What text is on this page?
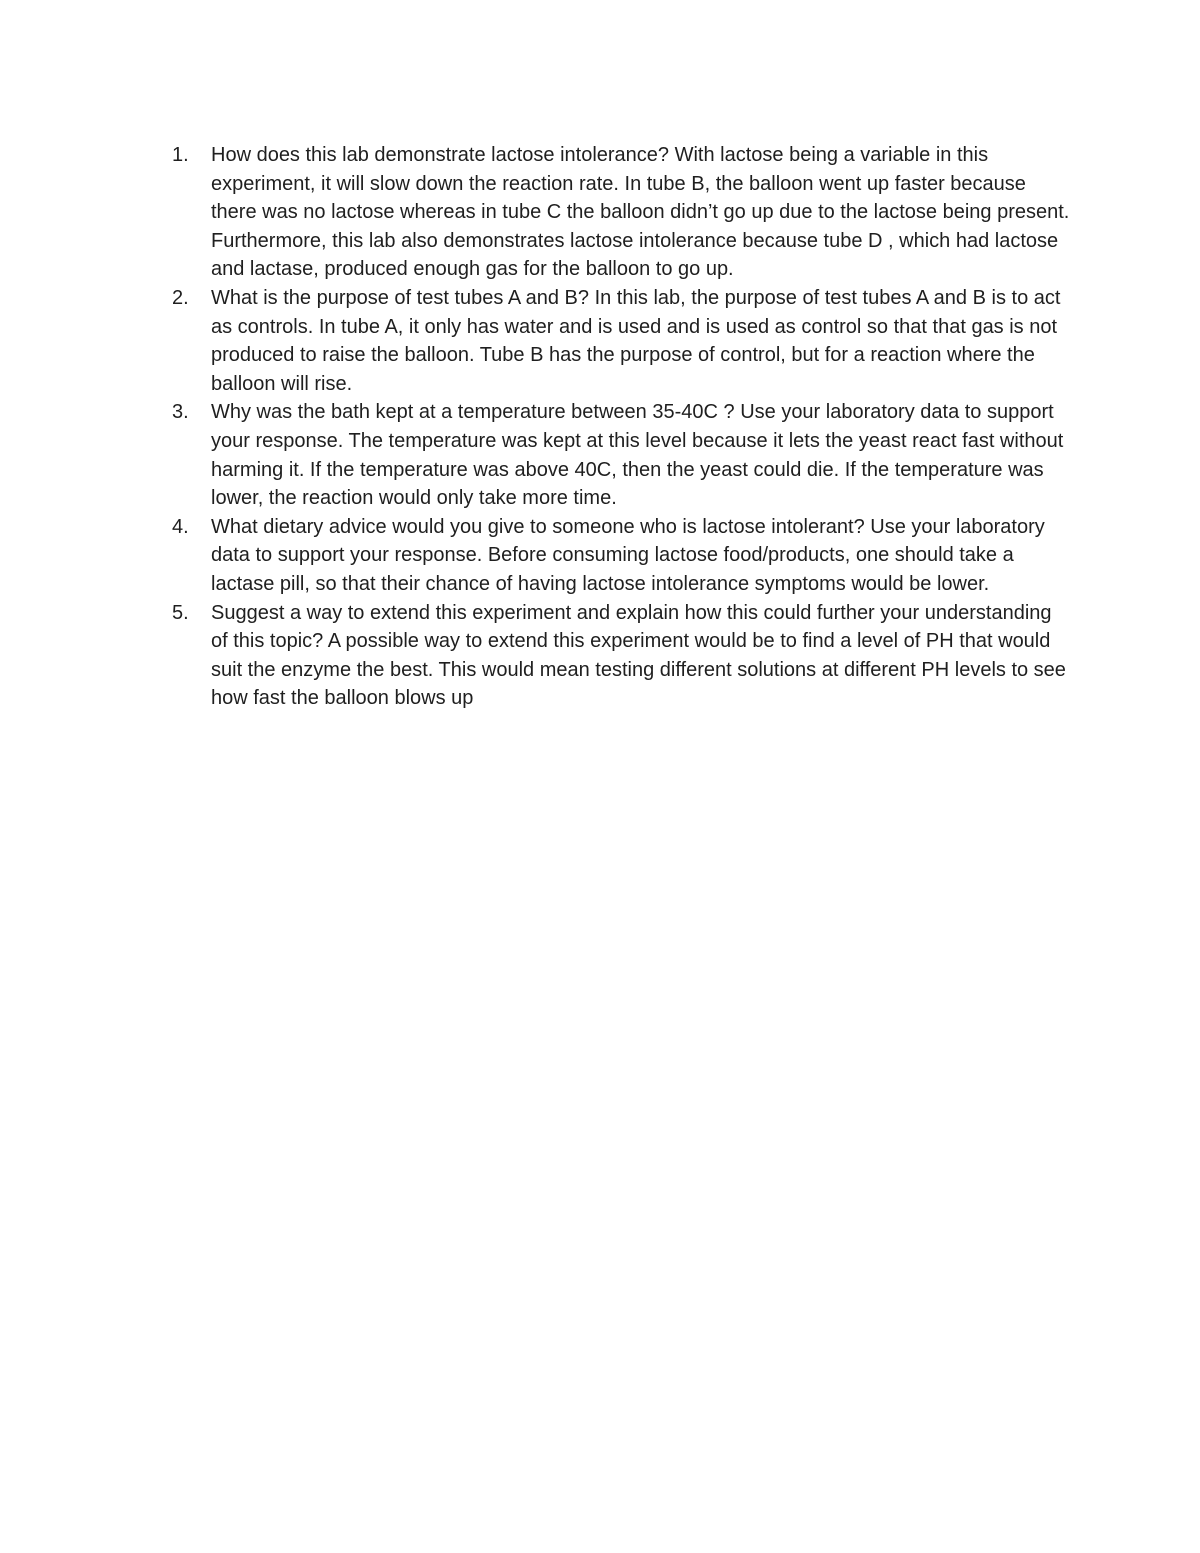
1.	How does this lab demonstrate lactose intolerance? With lactose being a variable in this experiment, it will slow down the reaction rate. In tube B, the balloon went up faster because there was no lactose whereas in tube C the balloon didn’t go up due to the lactose being present. Furthermore, this lab also demonstrates lactose intolerance because tube D , which had lactose and lactase, produced enough gas for the balloon to go up.
2.	What is the purpose of test tubes A and B? In this lab, the purpose of test tubes A and B is to act as controls. In tube A, it only has water and is used and is used as control so that that gas is not produced to raise the balloon. Tube B has the purpose of control, but for a reaction where the balloon will rise.
3.	Why was the bath kept at a temperature between 35-40C ? Use your laboratory data to support your response. The temperature was kept at this level because it lets the yeast react fast without harming it. If the temperature was above 40C, then the yeast could die. If the temperature was lower, the reaction would only take more time.
4.	What dietary advice would you give to someone who is lactose intolerant? Use your laboratory data to support your response. Before consuming lactose food/products, one should take a lactase pill, so that their chance of having lactose intolerance symptoms would be lower.
5.	Suggest a way to extend this experiment and explain how this could further your understanding of this topic? A possible way to extend this experiment would be to find a level of PH that would suit the enzyme the best. This would mean testing different solutions at different PH levels to see how fast the balloon blows up
